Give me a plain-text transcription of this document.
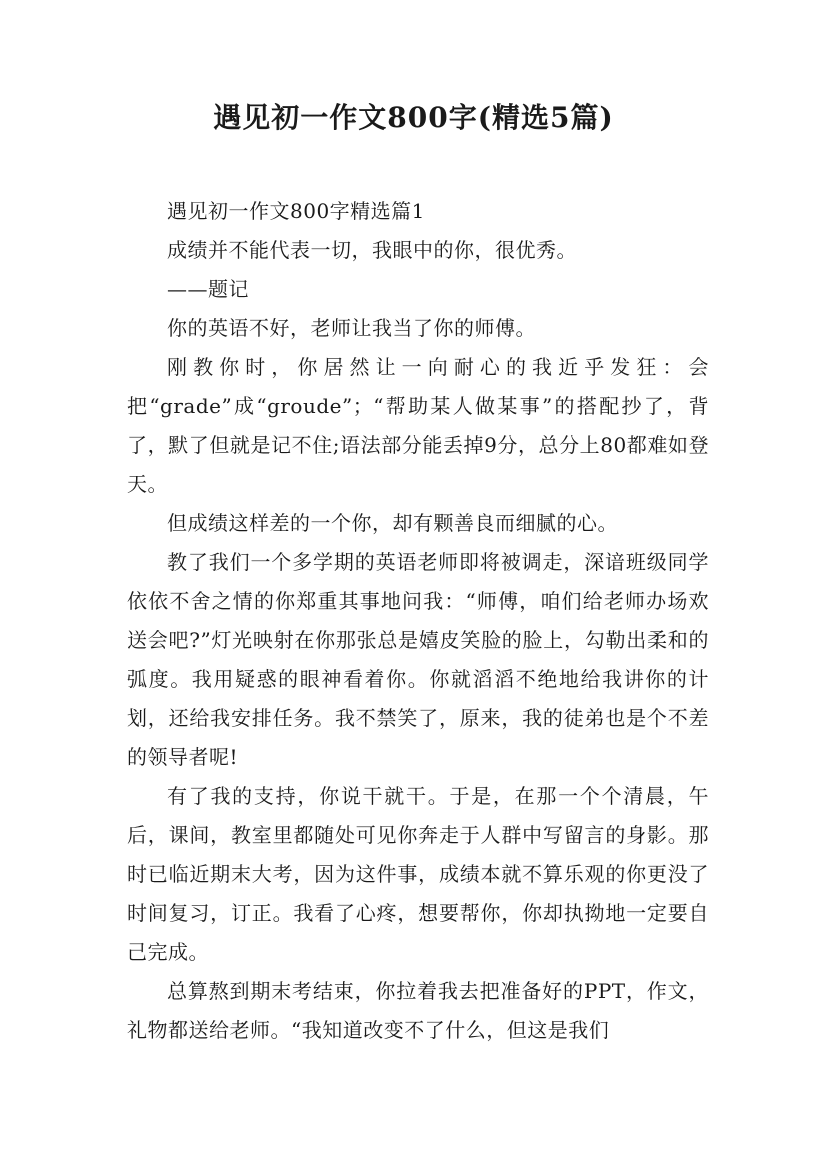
遇见初一作文800字(精选5篇)

遇见初一作文800字精选篇1

成绩并不能代表一切，我眼中的你，很优秀。

——题记

你的英语不好，老师让我当了你的师傅。

刚教你时，你居然让一向耐心的我近乎发狂：会把“grade”成“groude”；“帮助某人做某事”的搭配抄了，背了，默了但就是记不住;语法部分能丢掉9分，总分上80都难如登天。

但成绩这样差的一个你，却有颗善良而细腻的心。

教了我们一个多学期的英语老师即将被调走，深谙班级同学依依不舍之情的你郑重其事地问我：“师傅，咱们给老师办场欢送会吧?”灯光映射在你那张总是嬉皮笑脸的脸上，勾勒出柔和的弧度。我用疑惑的眼神看着你。你就滔滔不绝地给我讲你的计划，还给我安排任务。我不禁笑了，原来，我的徒弟也是个不差的领导者呢!

有了我的支持，你说干就干。于是，在那一个个清晨，午后，课间，教室里都随处可见你奔走于人群中写留言的身影。那时已临近期末大考，因为这件事，成绩本就不算乐观的你更没了时间复习，订正。我看了心疼，想要帮你，你却执拗地一定要自己完成。

总算熬到期末考结束，你拉着我去把准备好的PPT，作文，礼物都送给老师。“我知道改变不了什么，但这是我们
